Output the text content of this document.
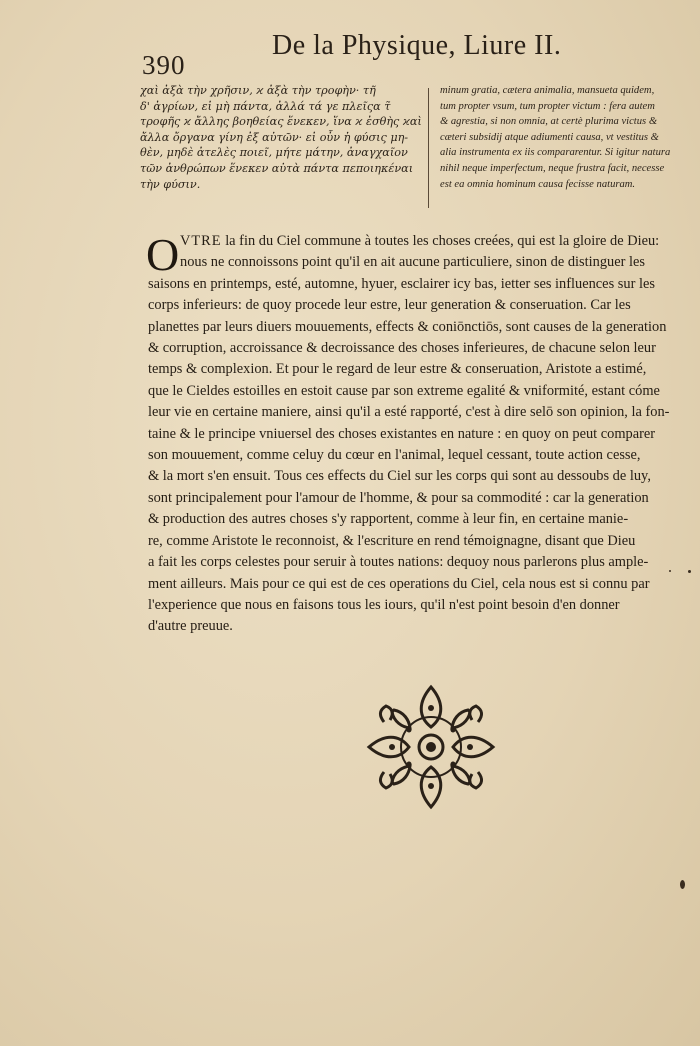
390
De la Physique, Liure II.
χαὶ ἀξὰ τὴν χρῆσιν, ϰ ἀξὰ τὴν τροφὴν· τῆ
δ' ἀγρίων, εἰ μὴ πάντα, ἀλλά τά γε πλεῖςα τ̃
τροφῆς ϰ ἄλλης βοηθείας ἕνεκεν, ἵνα ϰ ἐσθὴς ϰαὶ
ἄλλα ὄργανα γίνη ἐξ αὐτῶν· εἰ οὖν ἡ φύσις μη-
θὲν, μηδὲ ἀτελὲς ποιεῖ, μήτε μάτην, ἀναγχαῖον
τῶν ἀνθρώπων ἕνεκεν αὐτὰ πάντα πεποιηκέναι
τὴν φύσιν.
minum gratia, cætera animalia, mansueta quidem,
tum propter vsum, tum propter victum : fera autem
& agrestia, si non omnia, at certè plurima victus &
cæteri subsidij atque adiumenti causa, vt vestitus &
alia instrumenta ex iis compararentur. Si igitur natura
nihil neque imperfectum, neque frustra facit, necesse
est ea omnia hominum causa fecisse naturam.
O VTRE la fin du Ciel commune à toutes les choses creées, qui est la gloire de Dieu:
nous ne connoissons point qu'il en ait aucune particuliere, sinon de distinguer les
saisons en printemps, esté, automne, hyuer, esclairer icy bas, ietter ses influences sur les
corps inferieurs: de quoy procede leur estre, leur generation & conseruation. Car les
planettes par leurs diuers mouuements, effects & coniōnctiōs, sont causes de la generation
& corruption, accroissance & decroissance des choses inferieures, de chacune selon leur
temps & complexion. Et pour le regard de leur estre & conseruation, Aristote a estimé,
que le Cieldes estoilles en estoit cause par son extreme egalité & vniformité, estant cóme
leur vie en certaine maniere, ainsi qu'il a esté rapporté, c'est à dire selō son opinion, la fon-
taine & le principe vniuersel des choses existantes en nature : en quoy on peut comparer
son mouuement, comme celuy du cœur en l'animal, lequel cessant, toute action cesse,
& la mort s'en ensuit. Tous ces effects du Ciel sur les corps qui sont au dessoubs de luy,
sont principalement pour l'amour de l'homme, & pour sa commodité : car la generation
& production des autres choses s'y rapportent, comme à leur fin, en certaine manie-
re, comme Aristote le reconnoist, & l'escriture en rend témoignagne, disant que Dieu
a fait les corps celestes pour seruir à toutes nations: dequoy nous parlerons plus ample-
ment ailleurs. Mais pour ce qui est de ces operations du Ciel, cela nous est si connu par
l'experience que nous en faisons tous les iours, qu'il n'est point besoin d'en donner
d'autre preuue.
